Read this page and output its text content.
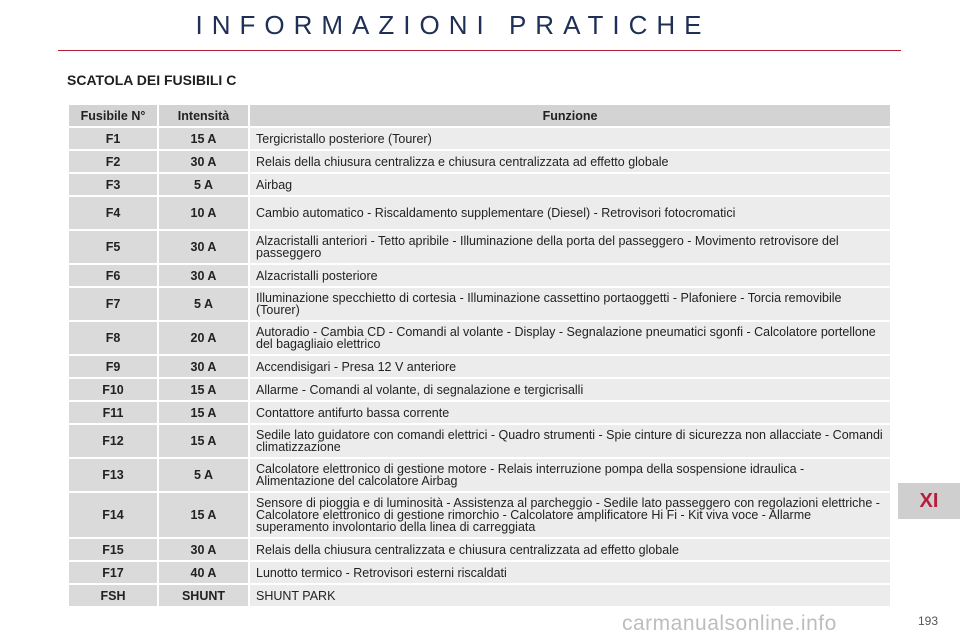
INFORMAZIONI PRATICHE
SCATOLA DEI FUSIBILI C
Fusibile N°	Intensità	Funzione
F1	15 A	Tergicristallo posteriore (Tourer)
F2	30 A	Relais della chiusura centralizza e chiusura centralizzata ad effetto globale
F3	5 A	Airbag
F4	10 A	Cambio automatico - Riscaldamento supplementare (Diesel) - Retrovisori fotocromatici
F5	30 A	Alzacristalli anteriori - Tetto apribile - Illuminazione della porta del passeggero - Movimento retrovisore del passeggero
F6	30 A	Alzacristalli posteriore
F7	5 A	Illuminazione specchietto di cortesia - Illuminazione cassettino portaoggetti - Plafoniere - Torcia removibile (Tourer)
F8	20 A	Autoradio - Cambia CD - Comandi al volante - Display - Segnalazione pneumatici sgonfi - Calcolatore portellone del bagagliaio elettrico
F9	30 A	Accendisigari - Presa 12 V anteriore
F10	15 A	Allarme - Comandi al volante, di segnalazione e tergicrisalli
F11	15 A	Contattore antifurto bassa corrente
F12	15 A	Sedile lato guidatore con comandi elettrici - Quadro strumenti - Spie cinture di sicurezza non allacciate - Comandi climatizzazione
F13	5 A	Calcolatore elettronico di gestione motore - Relais interruzione pompa della sospensione idraulica - Alimentazione del calcolatore Airbag
F14	15 A	Sensore di pioggia e di luminosità - Assistenza al parcheggio - Sedile lato passeggero con regolazioni elettriche - Calcolatore elettronico di gestione rimorchio - Calcolatore amplificatore Hi Fi - Kit viva voce - Allarme superamento involontario della linea di carreggiata
F15	30 A	Relais della chiusura centralizzata e chiusura centralizzata ad effetto globale
F17	40 A	Lunotto termico - Retrovisori esterni riscaldati
FSH	SHUNT	SHUNT PARK
XI
carmanualsonline.info	193
